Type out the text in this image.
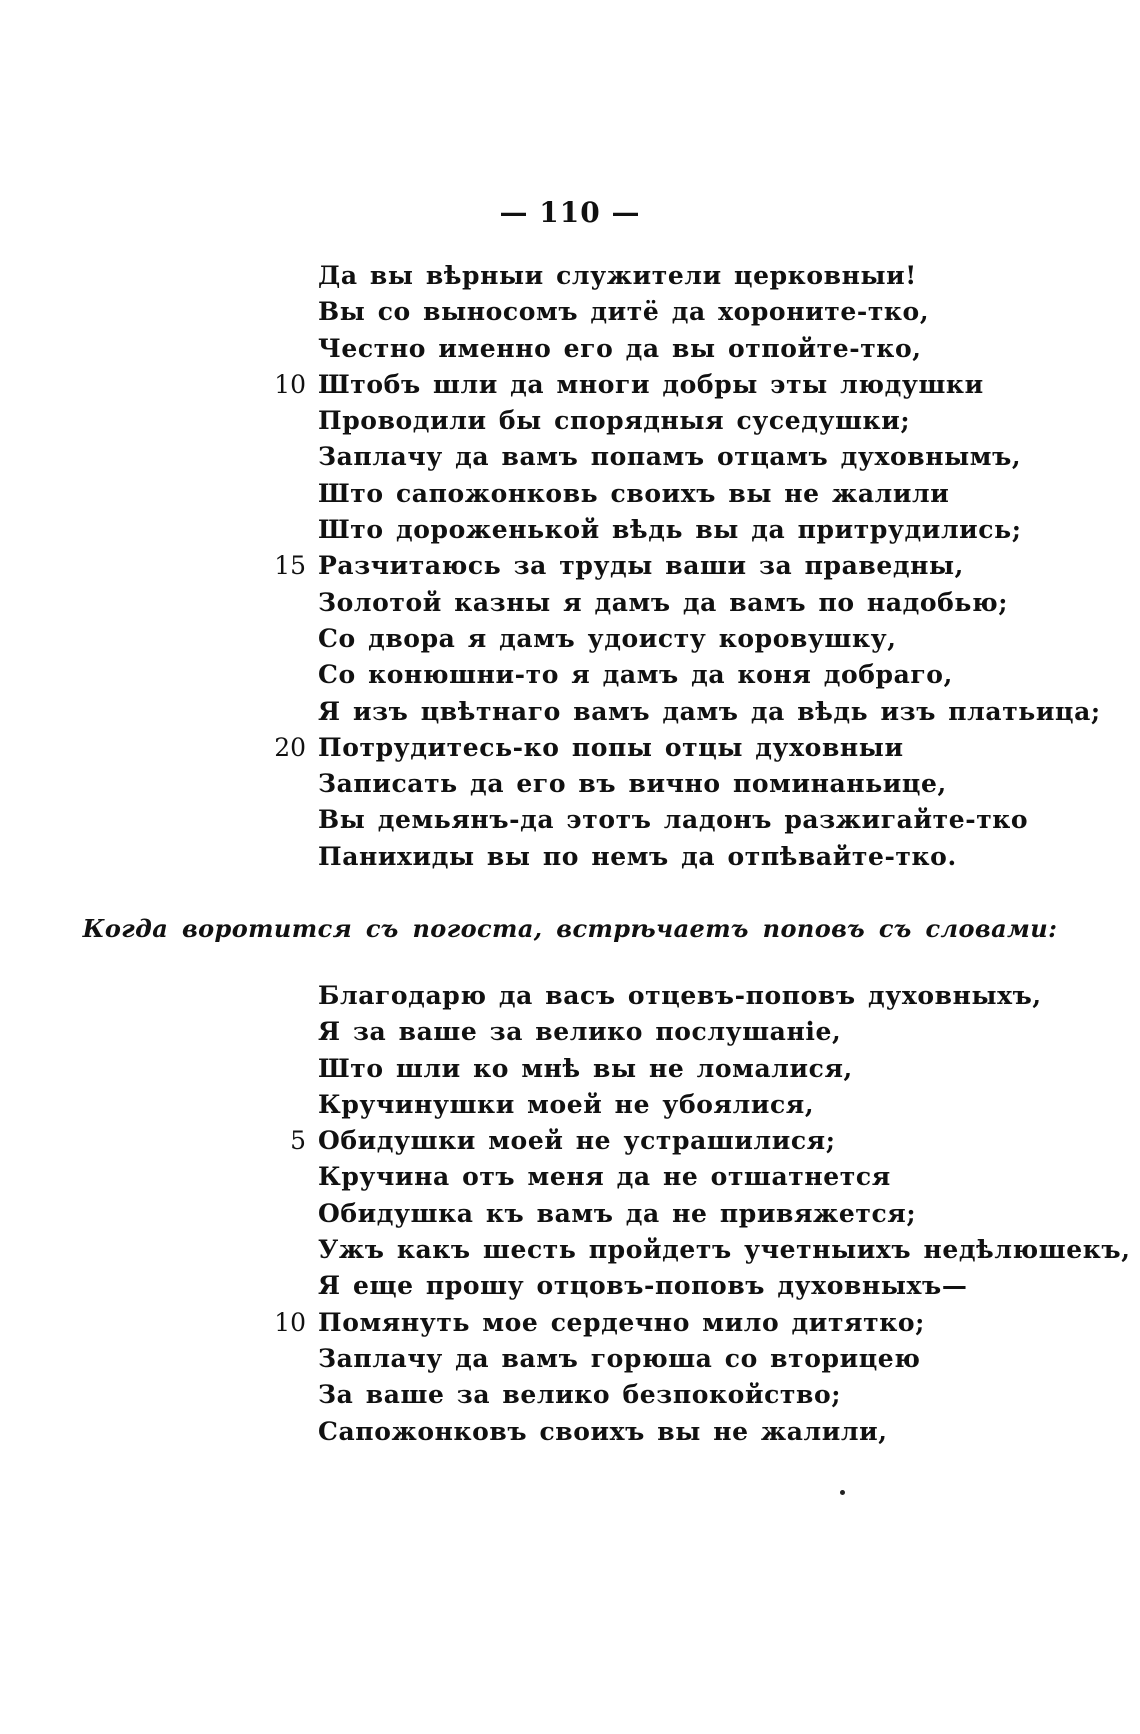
— 110 —
Да вы вѣрныи служители церковныи!
Вы со выносомъ дитё да хороните-тко,
Честно именно его да вы отпойте-тко,
10 Штобъ шли да многи добры эты людушки
Проводили бы спорядныя суседушки;
Заплачу да вамъ попамъ отцамъ духовнымъ,
Што сапожонковь своихъ вы не жалили
Што дороженькой вѣдь вы да притрудились;
15 Разчитаюсь за труды ваши за праведны,
Золотой казны я дамъ да вамъ по надобью;
Со двора я дамъ удоисту коровушку,
Со конюшни-то я дамъ да коня добраго,
Я изъ цвѣтнаго вамъ дамъ да вѣдь изъ платьица;
20 Потрудитесь-ко попы отцы духовныи
Записать да его въ вично поминаньице,
Вы демьянъ-да этотъ ладонъ разжигайте-тко
Панихиды вы по немъ да отпѣвайте-тко.
Когда воротится съ погоста, встрѣчаетъ поповъ съ словами:
Благодарю да васъ отцевъ-поповъ духовныхъ,
Я за ваше за велико послушаніе,
Што шли ко мнѣ вы не ломалися,
Кручинушки моей не убоялися,
5 Обидушки моей не устрашилися;
Кручина отъ меня да не отшатнется
Обидушка къ вамъ да не привяжется;
Ужъ какъ шесть пройдетъ учетныихъ недѣлюшекъ,
Я еще прошу отцовъ-поповъ духовныхъ—
10 Помянуть мое сердечно мило дитятко;
Заплачу да вамъ горюша со вторицею
За ваше за велико безпокойство;
Сапожонковъ своихъ вы не жалили,
